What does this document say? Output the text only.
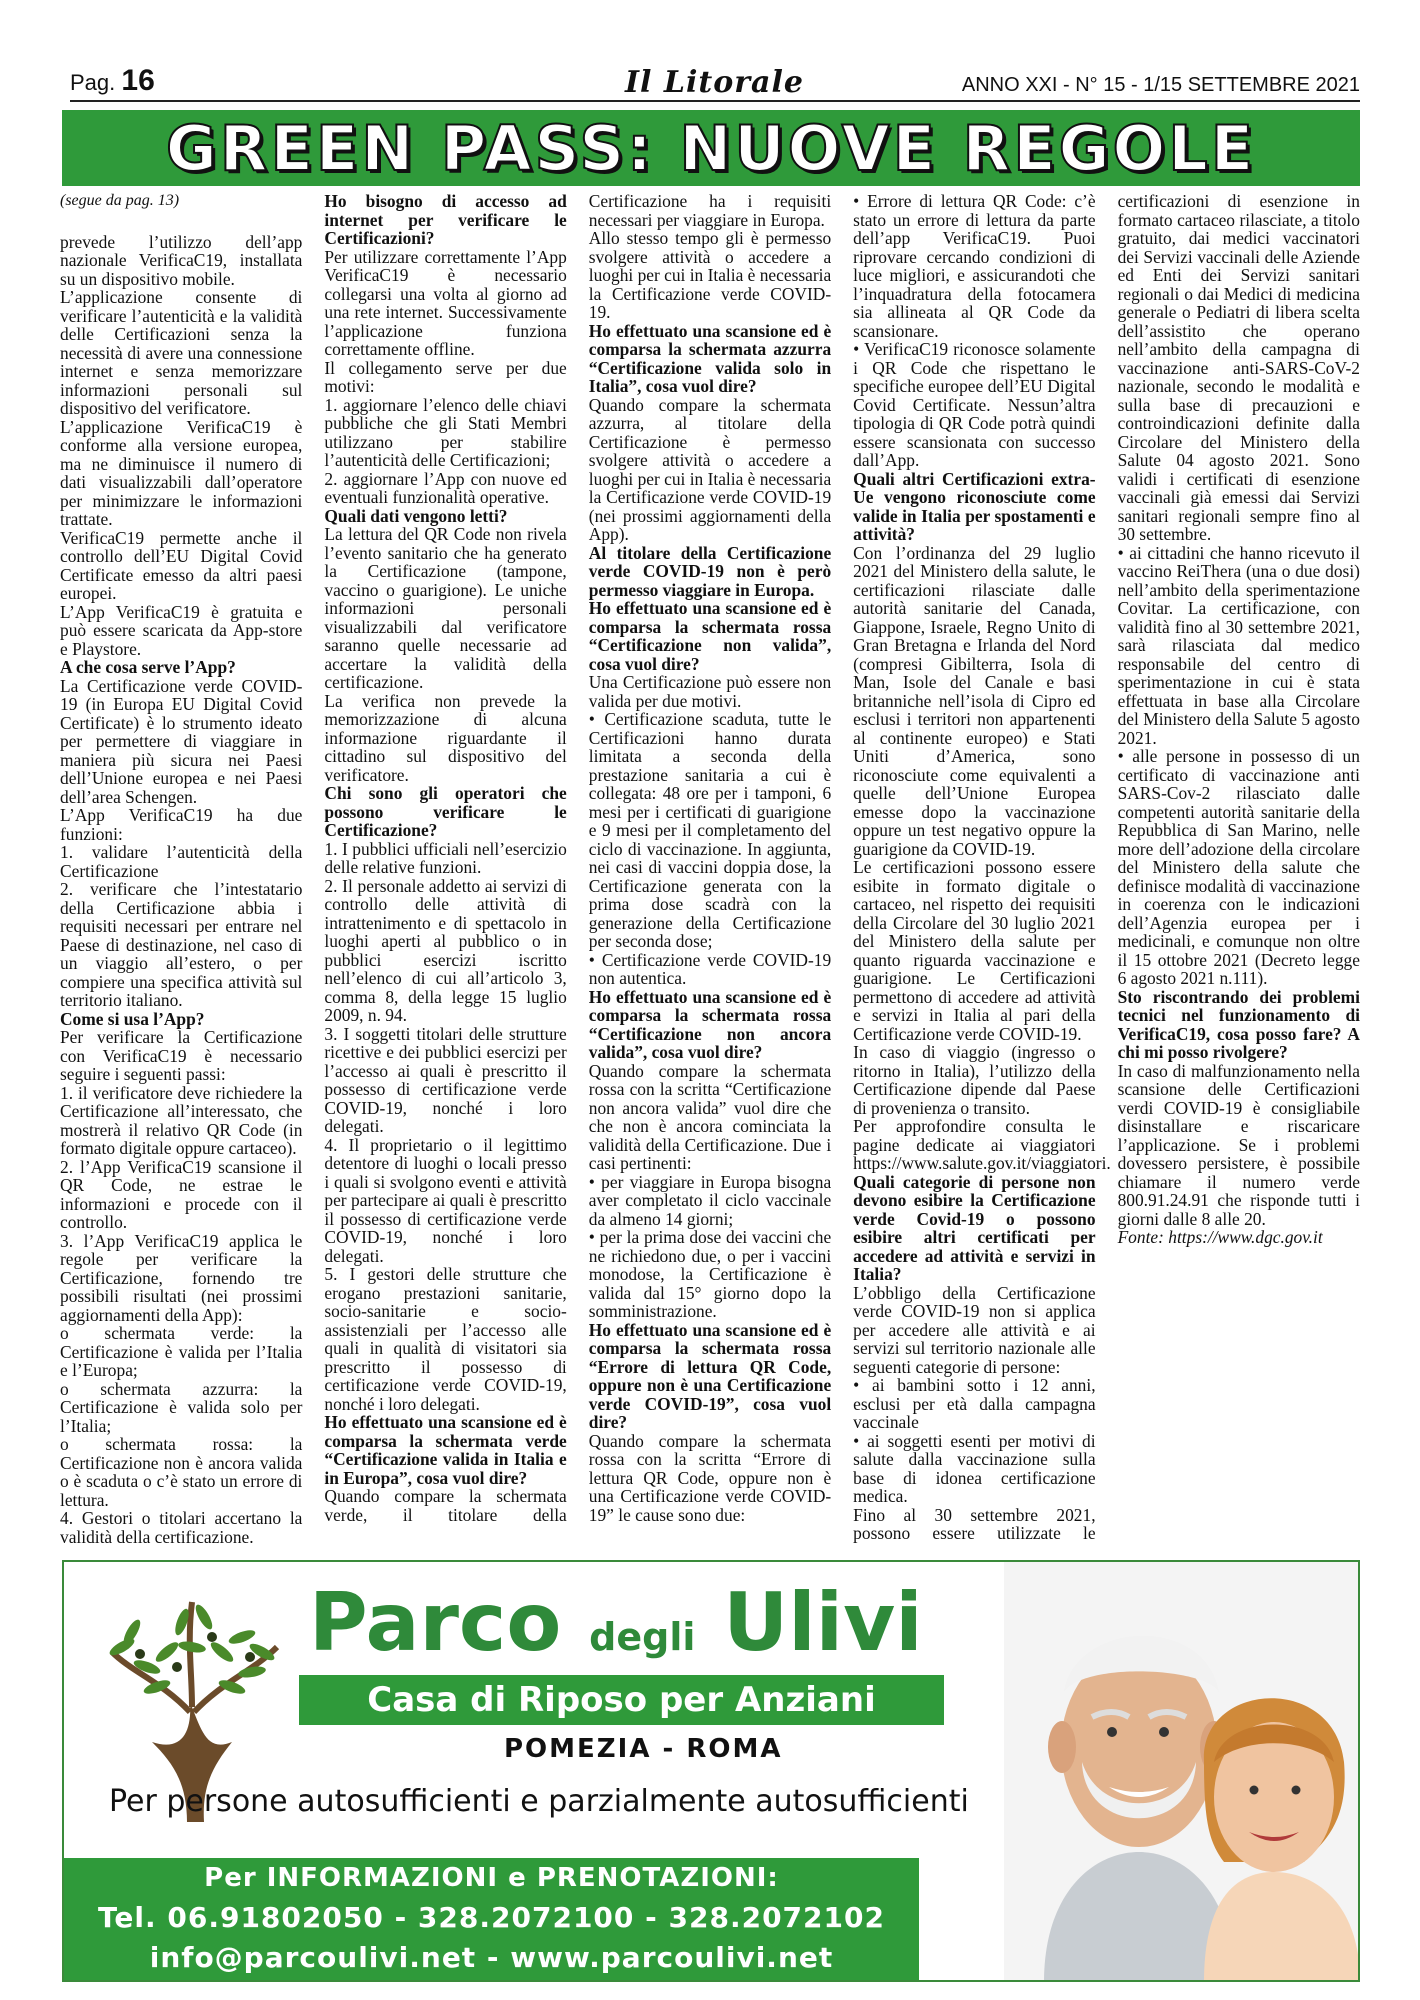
Pag. 16	Il Litorale	ANNO XXI - N° 15 - 1/15 SETTEMBRE 2021
GREEN PASS: NUOVE REGOLE

(segue da pag. 13)

prevede l’utilizzo dell’app nazionale VerificaC19, installata su un dispositivo mobile.

L’applicazione consente di verificare l’autenticità e la validità delle Certificazioni senza la necessità di avere una connessione internet e senza memorizzare informazioni personali sul dispositivo del verificatore.

L’applicazione VerificaC19 è conforme alla versione europea, ma ne diminuisce il numero di dati visualizzabili dall’operatore per minimizzare le informazioni trattate.

VerificaC19 permette anche il controllo dell’EU Digital Covid Certificate emesso da altri paesi europei.

L’App VerificaC19 è gratuita e può essere scaricata da App-store e Playstore.

A che cosa serve l’App?

La Certificazione verde COVID-19 (in Europa EU Digital Covid Certificate) è lo strumento ideato per permettere di viaggiare in maniera più sicura nei Paesi dell’Unione europea e nei Paesi dell’area Schengen.

L’App VerificaC19 ha due funzioni:

1. validare l’autenticità della Certificazione

2. verificare che l’intestatario della Certificazione abbia i requisiti necessari per entrare nel Paese di destinazione, nel caso di un viaggio all’estero, o per compiere una specifica attività sul territorio italiano.

Come si usa l’App?

Per verificare la Certificazione con VerificaC19 è necessario seguire i seguenti passi:

1. il verificatore deve richiedere la Certificazione all’interessato, che mostrerà il relativo QR Code (in formato digitale oppure cartaceo).

2. l’App VerificaC19 scansione il QR Code, ne estrae le informazioni e procede con il controllo.

3. l’App VerificaC19 applica le regole per verificare la Certificazione, fornendo tre possibili risultati (nei prossimi aggiornamenti della App):

o schermata verde: la Certificazione è valida per l’Italia e l’Europa;

o schermata azzurra: la Certificazione è valida solo per l’Italia;

o schermata rossa: la Certificazione non è ancora valida o è scaduta o c’è stato un errore di lettura.

4. Gestori o titolari accertano la validità della certificazione.

Ho bisogno di accesso ad internet per verificare le Certificazioni?

Per utilizzare correttamente l’App VerificaC19 è necessario collegarsi una volta al giorno ad una rete internet. Successivamente l’applicazione funziona correttamente offline.

Il collegamento serve per due motivi:

1. aggiornare l’elenco delle chiavi pubbliche che gli Stati Membri utilizzano per stabilire l’autenticità delle Certificazioni;

2. aggiornare l’App con nuove ed eventuali funzionalità operative.

Quali dati vengono letti?

La lettura del QR Code non rivela l’evento sanitario che ha generato la Certificazione (tampone, vaccino o guarigione). Le uniche informazioni personali visualizzabili dal verificatore saranno quelle necessarie ad accertare la validità della certificazione.

La verifica non prevede la memorizzazione di alcuna informazione riguardante il cittadino sul dispositivo del verificatore.

Chi sono gli operatori che possono verificare le Certificazione?

1. I pubblici ufficiali nell’esercizio delle relative funzioni.

2. Il personale addetto ai servizi di controllo delle attività di intrattenimento e di spettacolo in luoghi aperti al pubblico o in pubblici esercizi iscritto nell’elenco di cui all’articolo 3, comma 8, della legge 15 luglio 2009, n. 94.

3. I soggetti titolari delle strutture ricettive e dei pubblici esercizi per l’accesso ai quali è prescritto il possesso di certificazione verde COVID-19, nonché i loro delegati.

4. Il proprietario o il legittimo detentore di luoghi o locali presso i quali si svolgono eventi e attività per partecipare ai quali è prescritto il possesso di certificazione verde COVID-19, nonché i loro delegati.

5. I gestori delle strutture che erogano prestazioni sanitarie, socio-sanitarie e socio-assistenziali per l’accesso alle quali in qualità di visitatori sia prescritto il possesso di certificazione verde COVID-19, nonché i loro delegati.

Ho effettuato una scansione ed è comparsa la schermata verde “Certificazione valida in Italia e in Europa”, cosa vuol dire?

Quando compare la schermata verde, il titolare della Certificazione ha i requisiti necessari per viaggiare in Europa.

Allo stesso tempo gli è permesso svolgere attività o accedere a luoghi per cui in Italia è necessaria la Certificazione verde COVID-19.

Ho effettuato una scansione ed è comparsa la schermata azzurra “Certificazione valida solo in Italia”, cosa vuol dire?

Quando compare la schermata azzurra, al titolare della Certificazione è permesso svolgere attività o accedere a luoghi per cui in Italia è necessaria la Certificazione verde COVID-19 (nei prossimi aggiornamenti della App).

Al titolare della Certificazione verde COVID-19 non è però permesso viaggiare in Europa.

Ho effettuato una scansione ed è comparsa la schermata rossa “Certificazione non valida”, cosa vuol dire?

Una Certificazione può essere non valida per due motivi.

• Certificazione scaduta, tutte le Certificazioni hanno durata limitata a seconda della prestazione sanitaria a cui è collegata: 48 ore per i tamponi, 6 mesi per i certificati di guarigione e 9 mesi per il completamento del ciclo di vaccinazione. In aggiunta, nei casi di vaccini doppia dose, la Certificazione generata con la prima dose scadrà con la generazione della Certificazione per seconda dose;

• Certificazione verde COVID-19 non autentica.

Ho effettuato una scansione ed è comparsa la schermata rossa “Certificazione non ancora valida”, cosa vuol dire?

Quando compare la schermata rossa con la scritta “Certificazione non ancora valida” vuol dire che che non è ancora cominciata la validità della Certificazione. Due i casi pertinenti:

• per viaggiare in Europa bisogna aver completato il ciclo vaccinale da almeno 14 giorni;

• per la prima dose dei vaccini che ne richiedono due, o per i vaccini monodose, la Certificazione è valida dal 15° giorno dopo la somministrazione.

Ho effettuato una scansione ed è comparsa la schermata rossa “Errore di lettura QR Code, oppure non è una Certificazione verde COVID-19”, cosa vuol dire?

Quando compare la schermata rossa con la scritta “Errore di lettura QR Code, oppure non è una Certificazione verde COVID-19” le cause sono due:

• Errore di lettura QR Code: c’è stato un errore di lettura da parte dell’app VerificaC19. Puoi riprovare cercando condizioni di luce migliori, e assicurandoti che l’inquadratura della fotocamera sia allineata al QR Code da scansionare.

• VerificaC19 riconosce solamente i QR Code che rispettano le specifiche europee dell’EU Digital Covid Certificate. Nessun’altra tipologia di QR Code potrà quindi essere scansionata con successo dall’App.

Quali altri Certificazioni extra-Ue vengono riconosciute come valide in Italia per spostamenti e attività?

Con l’ordinanza del 29 luglio 2021 del Ministero della salute, le certificazioni rilasciate dalle autorità sanitarie del Canada, Giappone, Israele, Regno Unito di Gran Bretagna e Irlanda del Nord (compresi Gibilterra, Isola di Man, Isole del Canale e basi britanniche nell’isola di Cipro ed esclusi i territori non appartenenti al continente europeo) e Stati Uniti d’America, sono riconosciute come equivalenti a quelle dell’Unione Europea emesse dopo la vaccinazione oppure un test negativo oppure la guarigione da COVID-19.

Le certificazioni possono essere esibite in formato digitale o cartaceo, nel rispetto dei requisiti della Circolare del 30 luglio 2021 del Ministero della salute per quanto riguarda vaccinazione e guarigione. Le Certificazioni permettono di accedere ad attività e servizi in Italia al pari della Certificazione verde COVID-19.

In caso di viaggio (ingresso o ritorno in Italia), l’utilizzo della Certificazione dipende dal Paese di provenienza o transito.

Per approfondire consulta le pagine dedicate ai viaggiatori https://www.salute.gov.it/viaggiatori.

Quali categorie di persone non devono esibire la Certificazione verde Covid-19 o possono esibire altri certificati per accedere ad attività e servizi in Italia?

L’obbligo della Certificazione verde COVID-19 non si applica per accedere alle attività e ai servizi sul territorio nazionale alle seguenti categorie di persone:

• ai bambini sotto i 12 anni, esclusi per età dalla campagna vaccinale

• ai soggetti esenti per motivi di salute dalla vaccinazione sulla base di idonea certificazione medica.

Fino al 30 settembre 2021, possono essere utilizzate le certificazioni di esenzione in formato cartaceo rilasciate, a titolo gratuito, dai medici vaccinatori dei Servizi vaccinali delle Aziende ed Enti dei Servizi sanitari regionali o dai Medici di medicina generale o Pediatri di libera scelta dell’assistito che operano nell’ambito della campagna di vaccinazione anti-SARS-CoV-2 nazionale, secondo le modalità e sulla base di precauzioni e controindicazioni definite dalla Circolare del Ministero della Salute 04 agosto 2021. Sono validi i certificati di esenzione vaccinali già emessi dai Servizi sanitari regionali sempre fino al 30 settembre.

• ai cittadini che hanno ricevuto il vaccino ReiThera (una o due dosi) nell’ambito della sperimentazione Covitar. La certificazione, con validità fino al 30 settembre 2021, sarà rilasciata dal medico responsabile del centro di sperimentazione in cui è stata effettuata in base alla Circolare del Ministero della Salute 5 agosto 2021.

• alle persone in possesso di un certificato di vaccinazione anti SARS-Cov-2 rilasciato dalle competenti autorità sanitarie della Repubblica di San Marino, nelle more dell’adozione della circolare del Ministero della salute che definisce modalità di vaccinazione in coerenza con le indicazioni dell’Agenzia europea per i medicinali, e comunque non oltre il 15 ottobre 2021 (Decreto legge 6 agosto 2021 n.111).

Sto riscontrando dei problemi tecnici nel funzionamento di VerificaC19, cosa posso fare? A chi mi posso rivolgere?

In caso di malfunzionamento nella scansione delle Certificazioni verdi COVID-19 è consigliabile disinstallare e riscaricare l’applicazione. Se i problemi dovessero persistere, è possibile chiamare il numero verde 800.91.24.91 che risponde tutti i giorni dalle 8 alle 20.

Fonte: https://www.dgc.gov.it

Parco degli Ulivi
Casa di Riposo per Anziani
POMEZIA - ROMA
Per persone autosufficienti e parzialmente autosufficienti
Per INFORMAZIONI e PRENOTAZIONI:
Tel. 06.91802050 - 328.2072100 - 328.2072102
info@parcoulivi.net - www.parcoulivi.net
